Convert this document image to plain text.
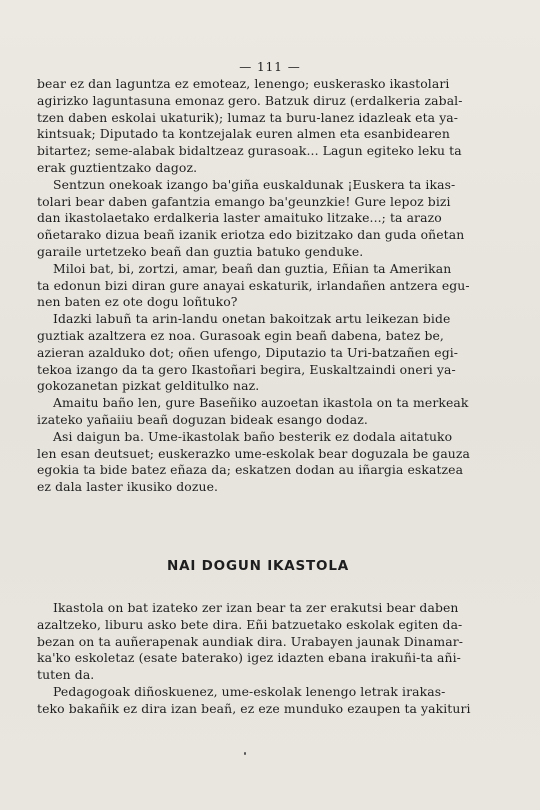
— 111 —
bear ez dan laguntza ez emoteaz, lenengo; euskerasko ikastolari
agirizko laguntasuna emonaz gero. Batzuk diruz (erdalkeria zabal-
tzen daben eskolai ukaturik); lumaz ta buru-lanez idazleak eta ya-
kintsuak; Diputado ta kontzejalak euren almen eta esanbidearen
bitartez; seme-alabak bidaltzeaz gurasoak... Lagun egiteko leku ta
erak guztientzako dagoz.
Sentzun onekoak izango ba'giña euskaldunak ¡Euskera ta ikas-
tolari bear daben gafantzia emango ba'geunzkie! Gure lepoz bizi
dan ikastolaetako erdalkeria laster amaituko litzake...; ta arazo
oñetarako dizua beañ izanik eriotza edo bizitzako dan guda oñetan
garaile urtetzeko beañ dan guztia batuko genduke.
Miloi bat, bi, zortzi, amar, beañ dan guztia, Eñian ta Amerikan
ta edonun bizi diran gure anayai eskaturik, irlandañen antzera egu-
nen baten ez ote dogu loñtuko?
Idazki labuñ ta arin-landu onetan bakoitzak artu leikezan bide
guztiak azaltzera ez noa. Gurasoak egin beañ dabena, batez be,
azieran azalduko dot; oñen ufengo, Diputazio ta Uri-batzañen egi-
tekoa izango da ta gero Ikastoñari begira, Euskaltzaindi oneri ya-
gokozanetan pizkat gelditulko naz.
Amaitu baño len, gure Baseñiko auzoetan ikastola on ta merkeak
izateko yañaiiu beañ doguzan bideak esango dodaz.
Asi daigun ba. Ume-ikastolak baño besterik ez dodala aitatuko
len esan deutsuet; euskerazko ume-eskolak bear doguzala be gauza
egokia ta bide batez eñaza da; eskatzen dodan au iñargia eskatzea
ez dala laster ikusiko dozue.
NAI DOGUN IKASTOLA
Ikastola on bat izateko zer izan bear ta zer erakutsi bear daben
azaltzeko, liburu asko bete dira. Eñi batzuetako eskolak egiten da-
bezan on ta auñerapenak aundiak dira. Urabayen jaunak Dinamar-
ka'ko eskoletaz (esate baterako) igez idazten ebana irakuñi-ta añi-
tuten da.
Pedagogoak diñoskuenez, ume-eskolak lenengo letrak irakas-
teko bakañik ez dira izan beañ, ez eze munduko ezaupen ta yakituri
